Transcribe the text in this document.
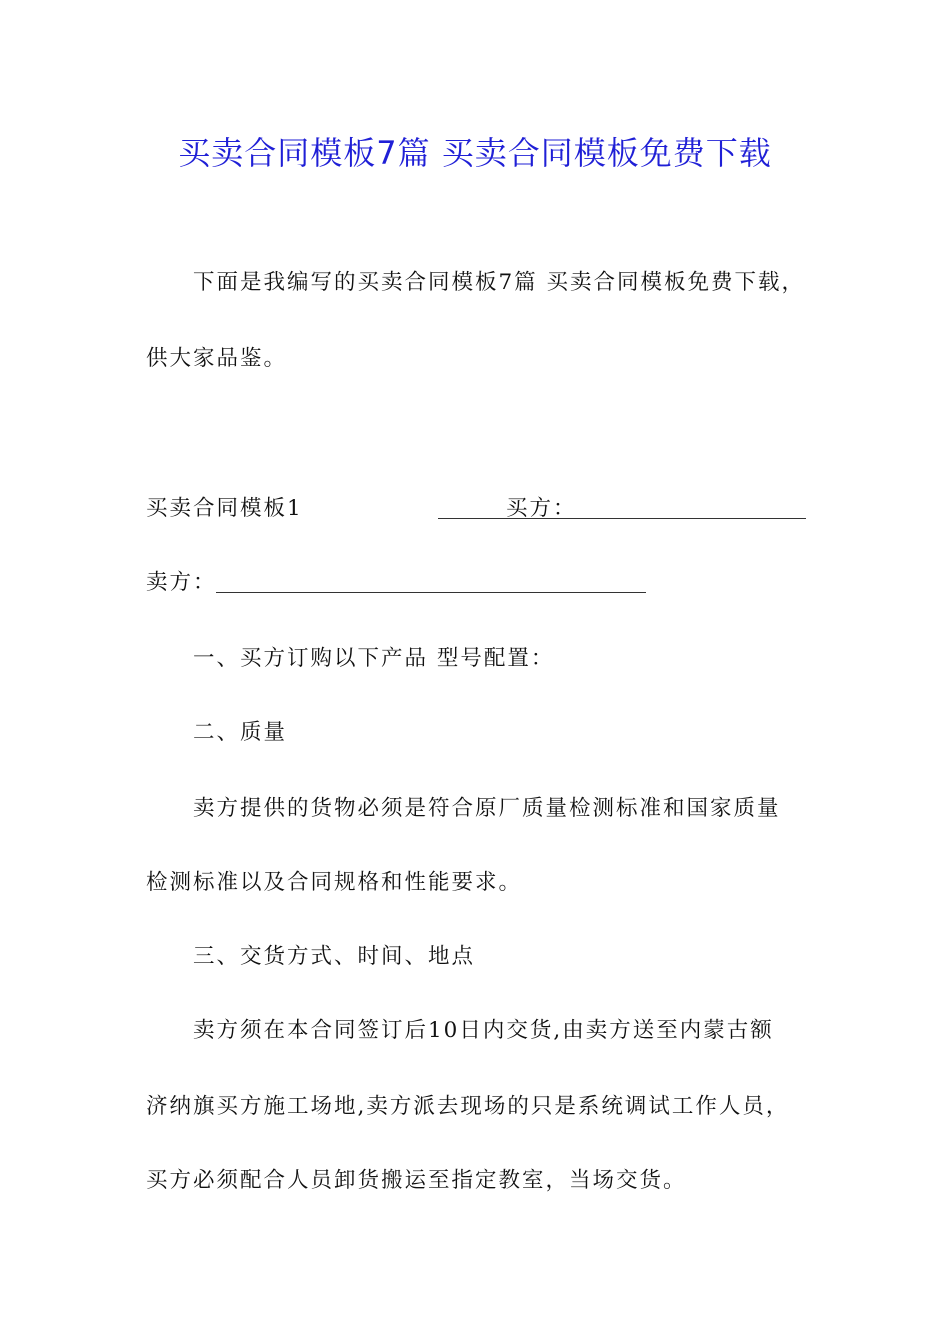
买卖合同模板7篇 买卖合同模板免费下载

下面是我编写的买卖合同模板7篇 买卖合同模板免费下载，

供大家品鉴。

买卖合同模板1	买方：
卖方：

一、买方订购以下产品 型号配置：

二、质量

卖方提供的货物必须是符合原厂质量检测标准和国家质量

检测标准以及合同规格和性能要求。

三、交货方式、时间、地点

卖方须在本合同签订后10日内交货,由卖方送至内蒙古额

济纳旗买方施工场地,卖方派去现场的只是系统调试工作人员，

买方必须配合人员卸货搬运至指定教室，当场交货。
